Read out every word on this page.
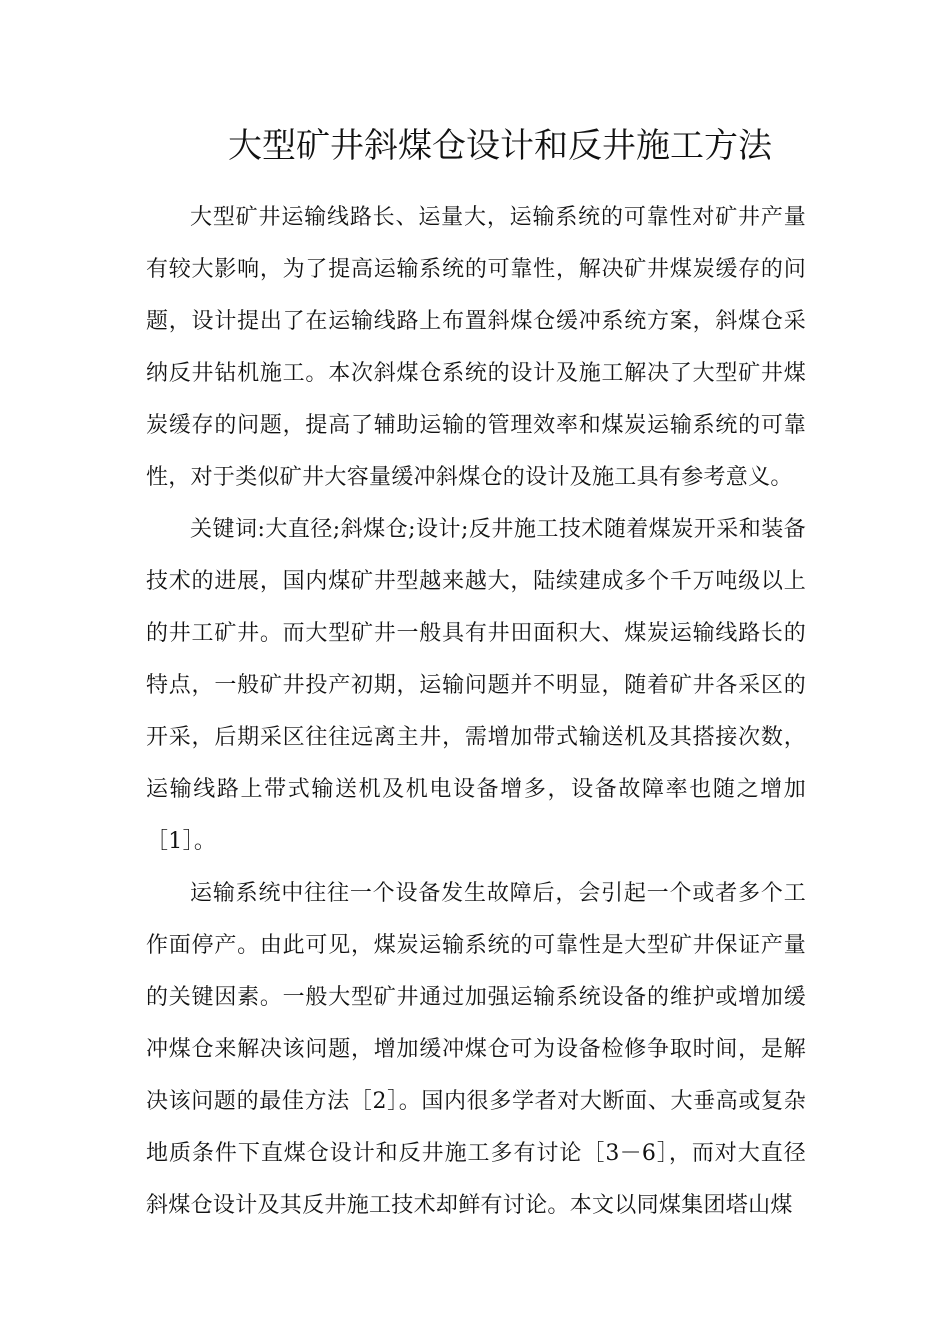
大型矿井斜煤仓设计和反井施工方法

大型矿井运输线路长、运量大，运输系统的可靠性对矿井产量有较大影响，为了提高运输系统的可靠性，解决矿井煤炭缓存的问题，设计提出了在运输线路上布置斜煤仓缓冲系统方案，斜煤仓采纳反井钻机施工。本次斜煤仓系统的设计及施工解决了大型矿井煤炭缓存的问题，提高了辅助运输的管理效率和煤炭运输系统的可靠性，对于类似矿井大容量缓冲斜煤仓的设计及施工具有参考意义。

关键词:大直径;斜煤仓;设计;反井施工技术随着煤炭开采和装备技术的进展，国内煤矿井型越来越大，陆续建成多个千万吨级以上的井工矿井。而大型矿井一般具有井田面积大、煤炭运输线路长的特点，一般矿井投产初期，运输问题并不明显，随着矿井各采区的开采，后期采区往往远离主井，需增加带式输送机及其搭接次数，运输线路上带式输送机及机电设备增多，设备故障率也随之增加［1］。

运输系统中往往一个设备发生故障后，会引起一个或者多个工作面停产。由此可见，煤炭运输系统的可靠性是大型矿井保证产量的关键因素。一般大型矿井通过加强运输系统设备的维护或增加缓冲煤仓来解决该问题，增加缓冲煤仓可为设备检修争取时间，是解决该问题的最佳方法［2］。国内很多学者对大断面、大垂高或复杂地质条件下直煤仓设计和反井施工多有讨论［3－6］，而对大直径斜煤仓设计及其反井施工技术却鲜有讨论。本文以同煤集团塔山煤
